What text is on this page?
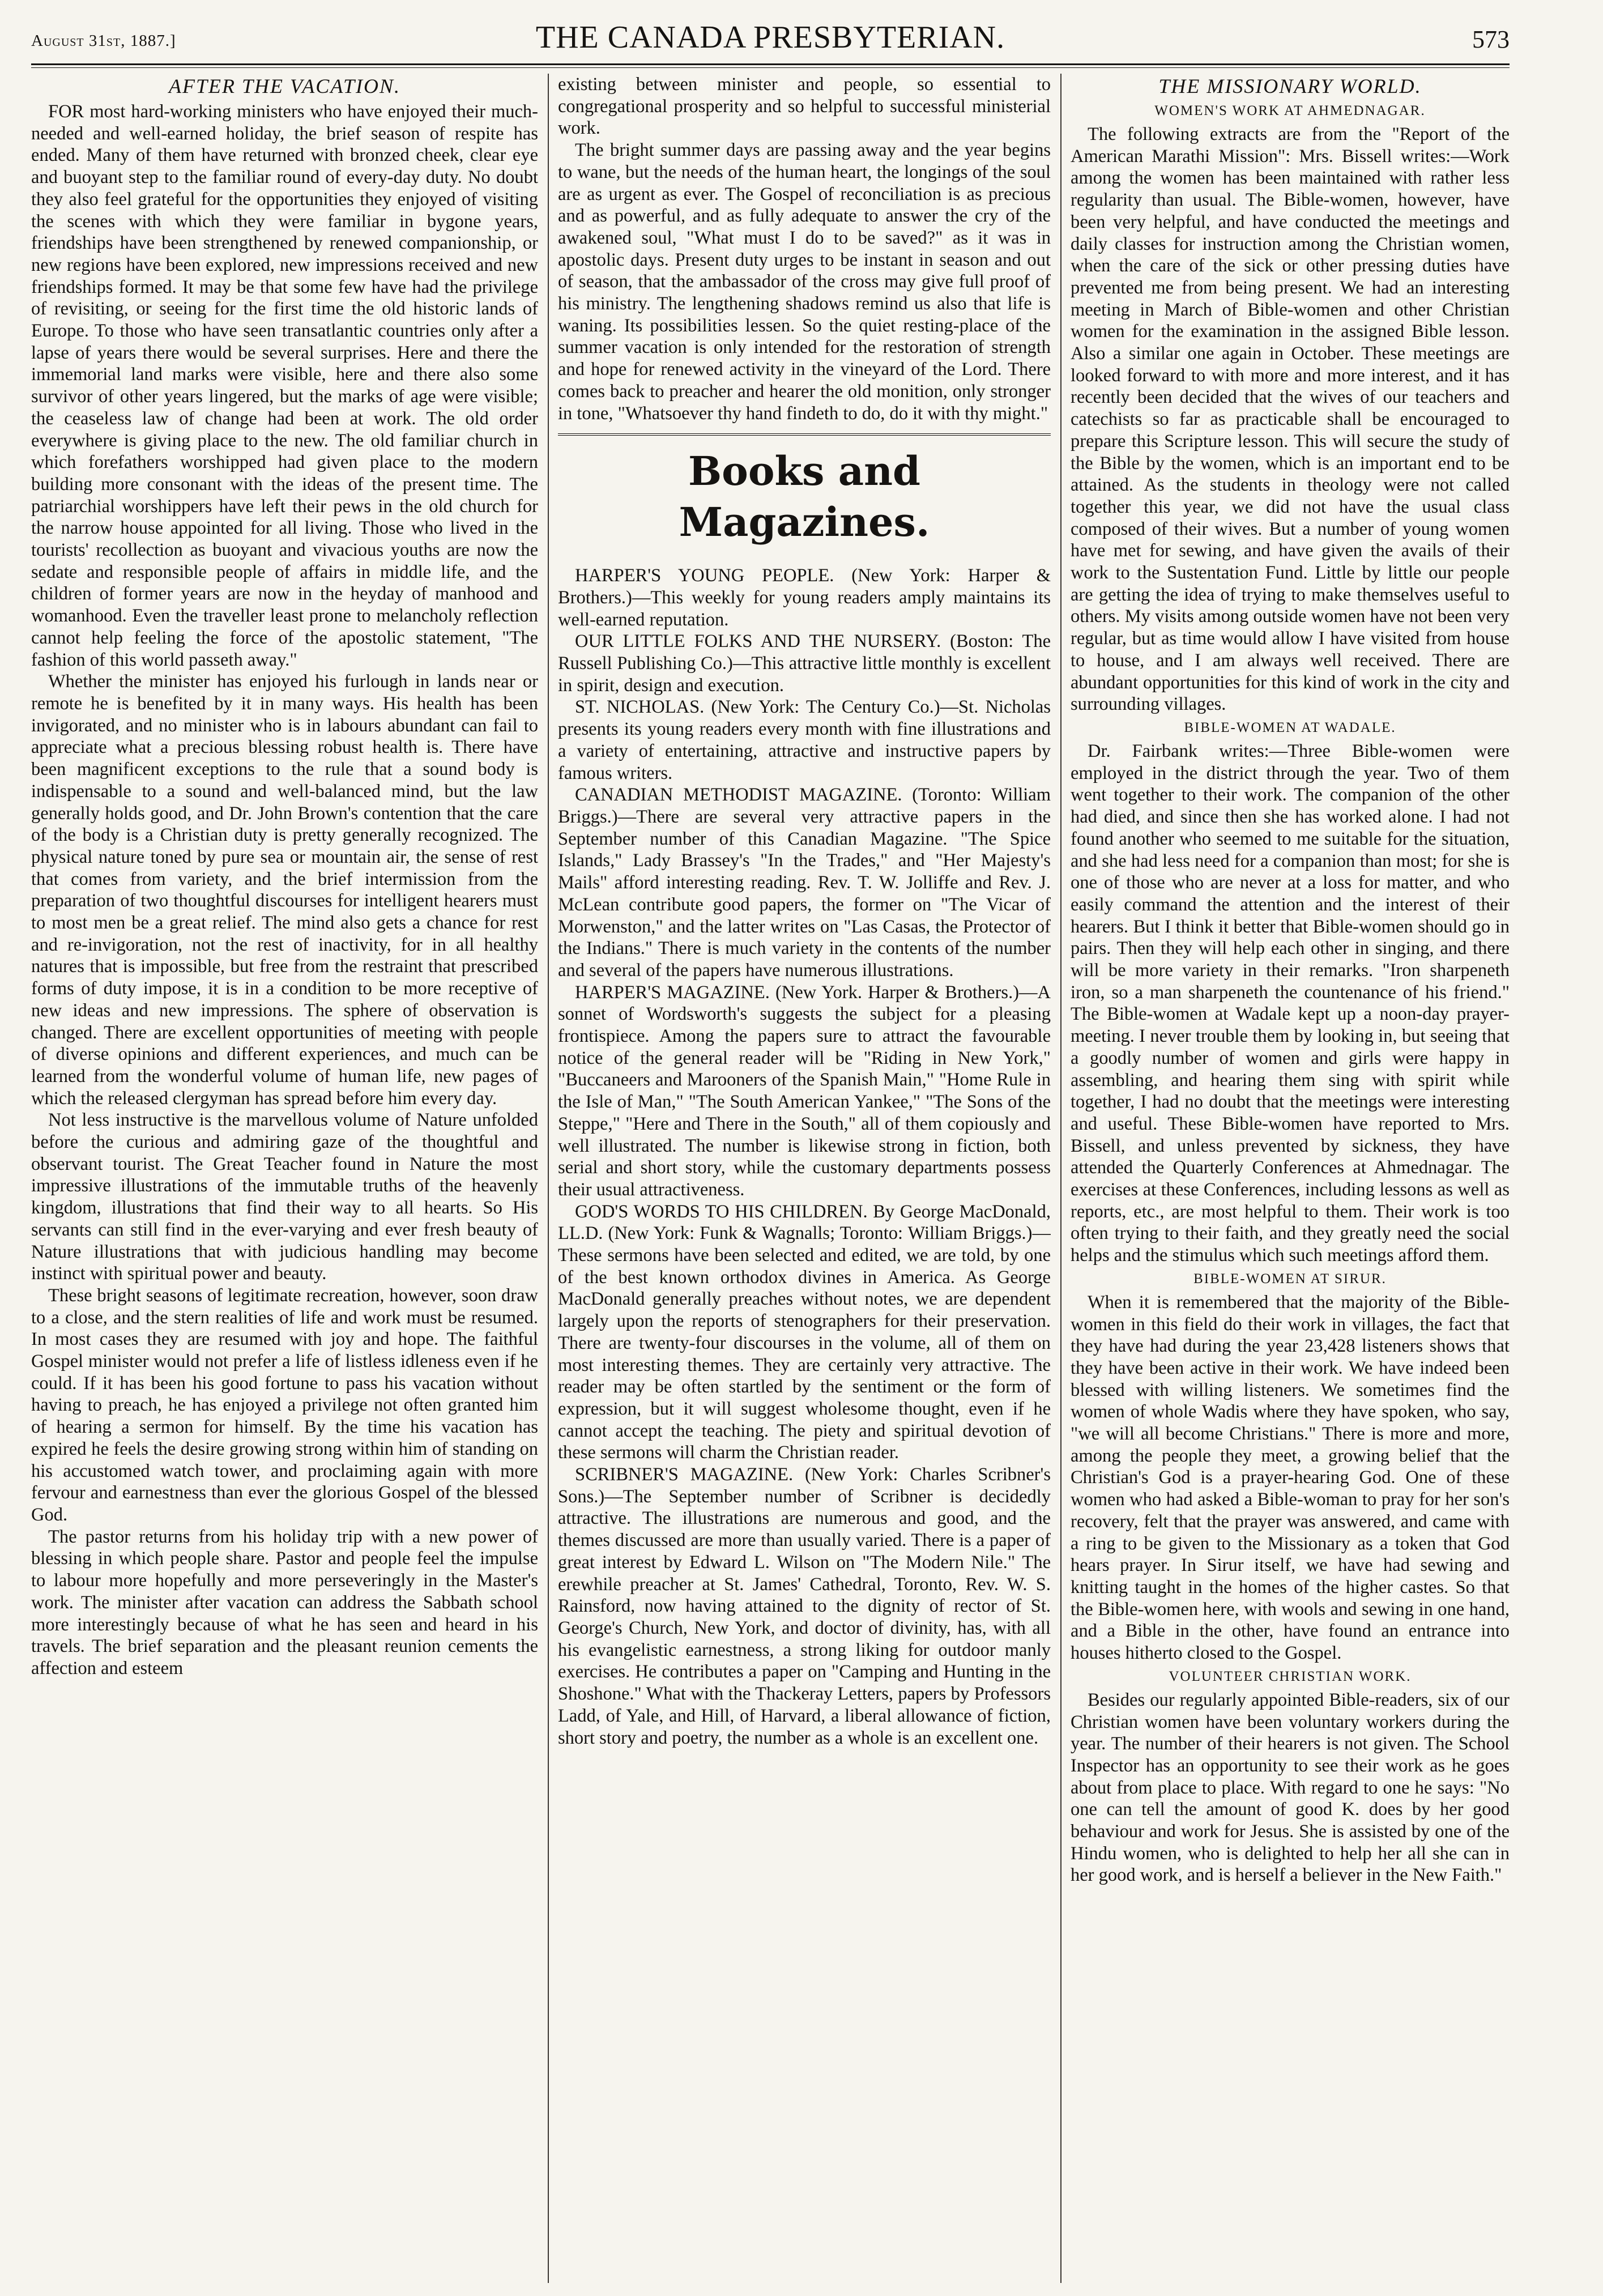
August 31st, 1887.]	THE CANADA PRESBYTERIAN.	573
AFTER THE VACATION.

FOR most hard-working ministers who have enjoyed their much-needed and well-earned holiday, the brief season of respite has ended. Many of them have returned with bronzed cheek, clear eye and buoyant step to the familiar round of every-day duty. No doubt they also feel grateful for the opportunities they enjoyed of visiting the scenes with which they were familiar in bygone years, friendships have been strengthened by renewed companionship, or new regions have been explored, new impressions received and new friendships formed. It may be that some few have had the privilege of revisiting, or seeing for the first time the old historic lands of Europe. To those who have seen transatlantic countries only after a lapse of years there would be several surprises. Here and there the immemorial land marks were visible, here and there also some survivor of other years lingered, but the marks of age were visible; the ceaseless law of change had been at work. The old order everywhere is giving place to the new. The old familiar church in which forefathers worshipped had given place to the modern building more consonant with the ideas of the present time. The patriarchial worshippers have left their pews in the old church for the narrow house appointed for all living. Those who lived in the tourists' recollection as buoyant and vivacious youths are now the sedate and responsible people of affairs in middle life, and the children of former years are now in the heyday of manhood and womanhood. Even the traveller least prone to melancholy reflection cannot help feeling the force of the apostolic statement, "The fashion of this world passeth away."

Whether the minister has enjoyed his furlough in lands near or remote he is benefited by it in many ways. His health has been invigorated, and no minister who is in labours abundant can fail to appreciate what a precious blessing robust health is. There have been magnificent exceptions to the rule that a sound body is indispensable to a sound and well-balanced mind, but the law generally holds good, and Dr. John Brown's contention that the care of the body is a Christian duty is pretty generally recognized. The physical nature toned by pure sea or mountain air, the sense of rest that comes from variety, and the brief intermission from the preparation of two thoughtful discourses for intelligent hearers must to most men be a great relief. The mind also gets a chance for rest and re-invigoration, not the rest of inactivity, for in all healthy natures that is impossible, but free from the restraint that prescribed forms of duty impose, it is in a condition to be more receptive of new ideas and new impressions. The sphere of observation is changed. There are excellent opportunities of meeting with people of diverse opinions and different experiences, and much can be learned from the wonderful volume of human life, new pages of which the released clergyman has spread before him every day.

Not less instructive is the marvellous volume of Nature unfolded before the curious and admiring gaze of the thoughtful and observant tourist. The Great Teacher found in Nature the most impressive illustrations of the immutable truths of the heavenly kingdom, illustrations that find their way to all hearts. So His servants can still find in the ever-varying and ever fresh beauty of Nature illustrations that with judicious handling may become instinct with spiritual power and beauty.

These bright seasons of legitimate recreation, however, soon draw to a close, and the stern realities of life and work must be resumed. In most cases they are resumed with joy and hope. The faithful Gospel minister would not prefer a life of listless idleness even if he could. If it has been his good fortune to pass his vacation without having to preach, he has enjoyed a privilege not often granted him of hearing a sermon for himself. By the time his vacation has expired he feels the desire growing strong within him of standing on his accustomed watch tower, and proclaiming again with more fervour and earnestness than ever the glorious Gospel of the blessed God.

The pastor returns from his holiday trip with a new power of blessing in which people share. Pastor and people feel the impulse to labour more hopefully and more perseveringly in the Master's work. The minister after vacation can address the Sabbath school more interestingly because of what he has seen and heard in his travels. The brief separation and the pleasant reunion cements the affection and esteem

existing between minister and people, so essential to congregational prosperity and so helpful to successful ministerial work.

The bright summer days are passing away and the year begins to wane, but the needs of the human heart, the longings of the soul are as urgent as ever. The Gospel of reconciliation is as precious and as powerful, and as fully adequate to answer the cry of the awakened soul, "What must I do to be saved?" as it was in apostolic days. Present duty urges to be instant in season and out of season, that the ambassador of the cross may give full proof of his ministry. The lengthening shadows remind us also that life is waning. Its possibilities lessen. So the quiet resting-place of the summer vacation is only intended for the restoration of strength and hope for renewed activity in the vineyard of the Lord. There comes back to preacher and hearer the old monition, only stronger in tone, "Whatsoever thy hand findeth to do, do it with thy might."

Books and Magazines.

HARPER'S YOUNG PEOPLE. (New York: Harper & Brothers.)—This weekly for young readers amply maintains its well-earned reputation.

OUR LITTLE FOLKS AND THE NURSERY. (Boston: The Russell Publishing Co.)—This attractive little monthly is excellent in spirit, design and execution.

ST. NICHOLAS. (New York: The Century Co.)—St. Nicholas presents its young readers every month with fine illustrations and a variety of entertaining, attractive and instructive papers by famous writers.

CANADIAN METHODIST MAGAZINE. (Toronto: William Briggs.)—There are several very attractive papers in the September number of this Canadian Magazine. "The Spice Islands," Lady Brassey's "In the Trades," and "Her Majesty's Mails" afford interesting reading. Rev. T. W. Jolliffe and Rev. J. McLean contribute good papers, the former on "The Vicar of Morwenston," and the latter writes on "Las Casas, the Protector of the Indians." There is much variety in the contents of the number and several of the papers have numerous illustrations.

HARPER'S MAGAZINE. (New York. Harper & Brothers.)—A sonnet of Wordsworth's suggests the subject for a pleasing frontispiece. Among the papers sure to attract the favourable notice of the general reader will be "Riding in New York," "Buccaneers and Marooners of the Spanish Main," "Home Rule in the Isle of Man," "The South American Yankee," "The Sons of the Steppe," "Here and There in the South," all of them copiously and well illustrated. The number is likewise strong in fiction, both serial and short story, while the customary departments possess their usual attractiveness.

GOD'S WORDS TO HIS CHILDREN. By George MacDonald, LL.D. (New York: Funk & Wagnalls; Toronto: William Briggs.)—These sermons have been selected and edited, we are told, by one of the best known orthodox divines in America. As George MacDonald generally preaches without notes, we are dependent largely upon the reports of stenographers for their preservation. There are twenty-four discourses in the volume, all of them on most interesting themes. They are certainly very attractive. The reader may be often startled by the sentiment or the form of expression, but it will suggest wholesome thought, even if he cannot accept the teaching. The piety and spiritual devotion of these sermons will charm the Christian reader.

SCRIBNER'S MAGAZINE. (New York: Charles Scribner's Sons.)—The September number of Scribner is decidedly attractive. The illustrations are numerous and good, and the themes discussed are more than usually varied. There is a paper of great interest by Edward L. Wilson on "The Modern Nile." The erewhile preacher at St. James' Cathedral, Toronto, Rev. W. S. Rainsford, now having attained to the dignity of rector of St. George's Church, New York, and doctor of divinity, has, with all his evangelistic earnestness, a strong liking for outdoor manly exercises. He contributes a paper on "Camping and Hunting in the Shoshone." What with the Thackeray Letters, papers by Professors Ladd, of Yale, and Hill, of Harvard, a liberal allowance of fiction, short story and poetry, the number as a whole is an excellent one.

THE MISSIONARY WORLD.
WOMEN'S WORK AT AHMEDNAGAR.

The following extracts are from the "Report of the American Marathi Mission": Mrs. Bissell writes:—Work among the women has been maintained with rather less regularity than usual. The Bible-women, however, have been very helpful, and have conducted the meetings and daily classes for instruction among the Christian women, when the care of the sick or other pressing duties have prevented me from being present. We had an interesting meeting in March of Bible-women and other Christian women for the examination in the assigned Bible lesson. Also a similar one again in October. These meetings are looked forward to with more and more interest, and it has recently been decided that the wives of our teachers and catechists so far as practicable shall be encouraged to prepare this Scripture lesson. This will secure the study of the Bible by the women, which is an important end to be attained. As the students in theology were not called together this year, we did not have the usual class composed of their wives. But a number of young women have met for sewing, and have given the avails of their work to the Sustentation Fund. Little by little our people are getting the idea of trying to make themselves useful to others. My visits among outside women have not been very regular, but as time would allow I have visited from house to house, and I am always well received. There are abundant opportunities for this kind of work in the city and surrounding villages.

BIBLE-WOMEN AT WADALE.

Dr. Fairbank writes:—Three Bible-women were employed in the district through the year. Two of them went together to their work. The companion of the other had died, and since then she has worked alone. I had not found another who seemed to me suitable for the situation, and she had less need for a companion than most; for she is one of those who are never at a loss for matter, and who easily command the attention and the interest of their hearers. But I think it better that Bible-women should go in pairs. Then they will help each other in singing, and there will be more variety in their remarks. "Iron sharpeneth iron, so a man sharpeneth the countenance of his friend." The Bible-women at Wadale kept up a noon-day prayer-meeting. I never trouble them by looking in, but seeing that a goodly number of women and girls were happy in assembling, and hearing them sing with spirit while together, I had no doubt that the meetings were interesting and useful. These Bible-women have reported to Mrs. Bissell, and unless prevented by sickness, they have attended the Quarterly Conferences at Ahmednagar. The exercises at these Conferences, including lessons as well as reports, etc., are most helpful to them. Their work is too often trying to their faith, and they greatly need the social helps and the stimulus which such meetings afford them.

BIBLE-WOMEN AT SIRUR.

When it is remembered that the majority of the Bible-women in this field do their work in villages, the fact that they have had during the year 23,428 listeners shows that they have been active in their work. We have indeed been blessed with willing listeners. We sometimes find the women of whole Wadis where they have spoken, who say, "we will all become Christians." There is more and more, among the people they meet, a growing belief that the Christian's God is a prayer-hearing God. One of these women who had asked a Bible-woman to pray for her son's recovery, felt that the prayer was answered, and came with a ring to be given to the Missionary as a token that God hears prayer. In Sirur itself, we have had sewing and knitting taught in the homes of the higher castes. So that the Bible-women here, with wools and sewing in one hand, and a Bible in the other, have found an entrance into houses hitherto closed to the Gospel.

VOLUNTEER CHRISTIAN WORK.

Besides our regularly appointed Bible-readers, six of our Christian women have been voluntary workers during the year. The number of their hearers is not given. The School Inspector has an opportunity to see their work as he goes about from place to place. With regard to one he says: "No one can tell the amount of good K. does by her good behaviour and work for Jesus. She is assisted by one of the Hindu women, who is delighted to help her all she can in her good work, and is herself a believer in the New Faith."
